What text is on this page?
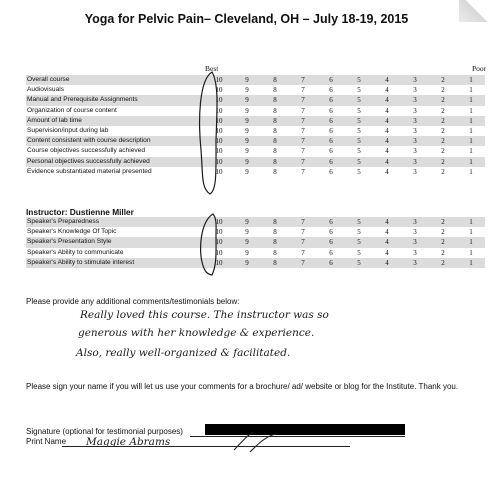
Yoga for Pelvic Pain– Cleveland, OH – July 18-19, 2015
Best	Poor
Overall course	10	9	8	7	6	5	4	3	2	1
Audiovisuals	10	9	8	7	6	5	4	3	2	1
Manual and Prerequisite Assignments	10	9	8	7	6	5	4	3	2	1
Organization of course content	10	9	8	7	6	5	4	3	2	1
Amount of lab time	10	9	8	7	6	5	4	3	2	1
Supervision/input during lab	10	9	8	7	6	5	4	3	2	1
Content consistent with course description	10	9	8	7	6	5	4	3	2	1
Course objectives successfully achieved	10	9	8	7	6	5	4	3	2	1
Personal objectives successfully achieved	10	9	8	7	6	5	4	3	2	1
Evidence substantiated material presented	10	9	8	7	6	5	4	3	2	1
Instructor: Dustienne Miller
Speaker's Preparedness	10	9	8	7	6	5	4	3	2	1
Speaker's Knowledge Of Topic	10	9	8	7	6	5	4	3	2	1
Speaker's Presentation Style	10	9	8	7	6	5	4	3	2	1
Speaker's Ability to communicate	10	9	8	7	6	5	4	3	2	1
Speaker's Ability to stimulate interest	10	9	8	7	6	5	4	3	2	1
Please provide any additional comments/testimonials below:
Really loved this course. The instructor was so
generous with her knowledge & experience.
Also, really well-organized & facilitated.
Please sign your name if you will let us use your comments for a brochure/ ad/ website or blog for the Institute. Thank you.
Signature (optional for testimonial purposes)
Print Name Maggie Abrams
